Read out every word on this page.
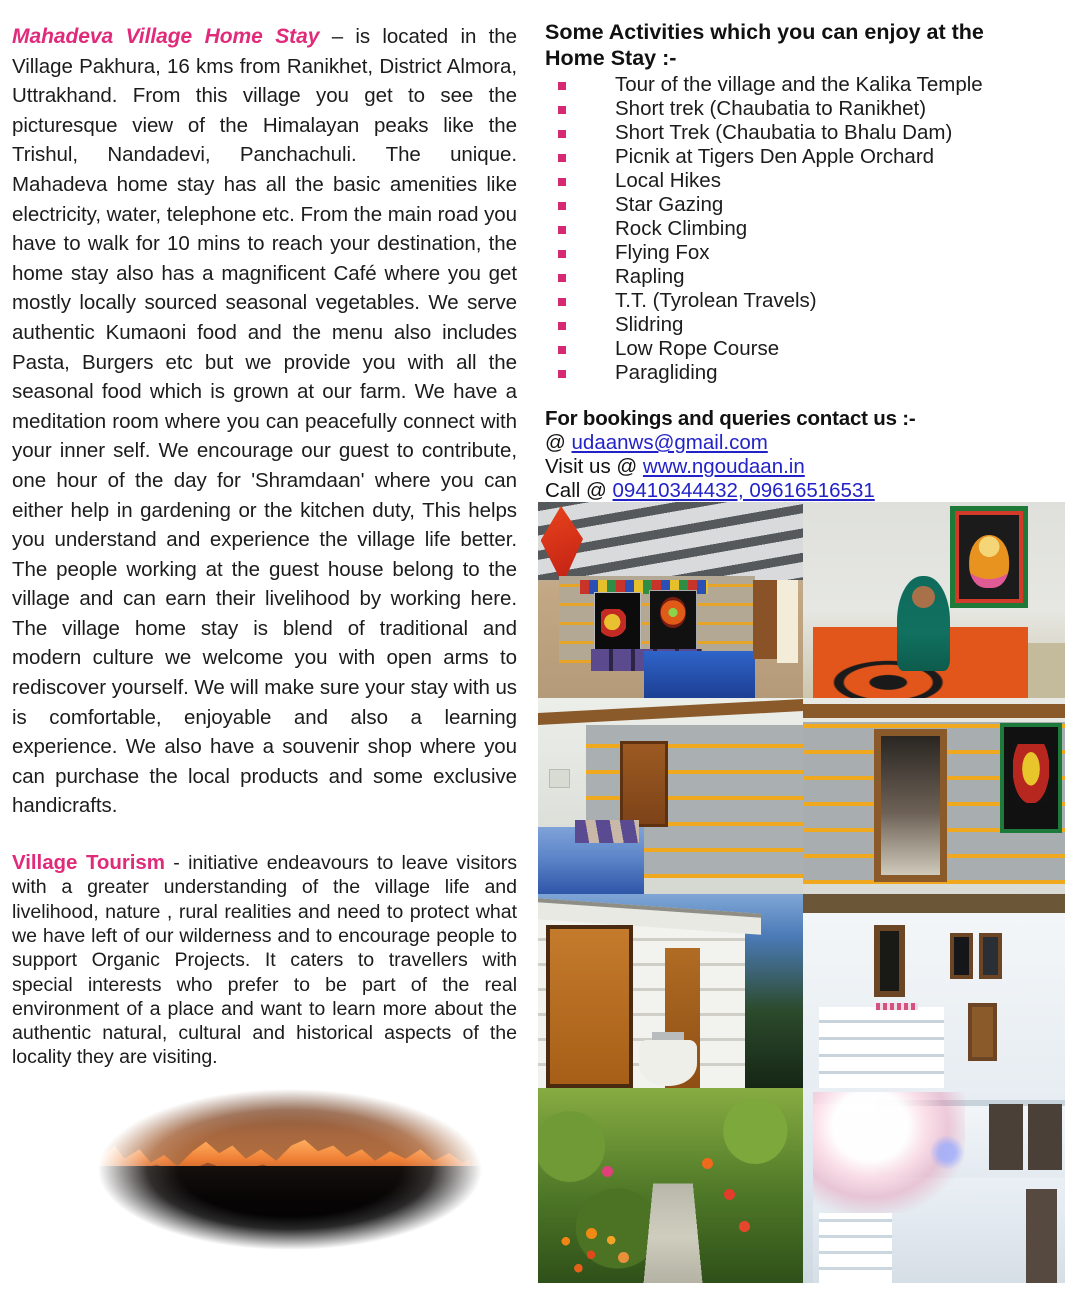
Mahadeva Village Home Stay – is located in the Village Pakhura, 16 kms from Ranikhet, District Almora, Uttrakhand. From this village you get to see the picturesque view of the Himalayan peaks like the Trishul, Nandadevi, Panchachuli. The unique. Mahadeva home stay has all the basic amenities like electricity, water, telephone etc. From the main road you have to walk for 10 mins to reach your destination, the home stay also has a magnificent Café where you get mostly locally sourced seasonal vegetables. We serve authentic Kumaoni food and the menu also includes Pasta, Burgers etc but we provide you with all the seasonal food which is grown at our farm. We have a meditation room where you can peacefully connect with your inner self. We encourage our guest to contribute, one hour of the day for 'Shramdaan' where you can either help in gardening or the kitchen duty, This helps you understand and experience the village life better. The people working at the guest house belong to the village and can earn their livelihood by working here. The village home stay is blend of traditional and modern culture we welcome you with open arms to rediscover yourself. We will make sure your stay with us is comfortable, enjoyable and also a learning experience. We also have a souvenir shop where you can purchase the local products and some exclusive handicrafts.

Village Tourism - initiative endeavours to leave visitors with a greater understanding of the village life and livelihood, nature , rural realities and need to protect what we have left of our wilderness and to encourage people to support Organic Projects. It caters to travellers with special interests who prefer to be part of the real environment of a place and want to learn more about the authentic natural, cultural and historical aspects of the locality they are visiting.

Some Activities which you can enjoy at the Home Stay :-
Tour of the village and the Kalika Temple
Short trek (Chaubatia to Ranikhet)
Short Trek (Chaubatia to Bhalu Dam)
Picnik at Tigers Den Apple Orchard
Local Hikes
Star Gazing
Rock Climbing
Flying Fox
Rapling
T.T. (Tyrolean Travels)
Slidring
Low Rope Course
Paragliding
For bookings and queries contact us :-
@ udaanws@gmail.com
Visit us @ www.ngoudaan.in
Call @ 09410344432, 09616516531
